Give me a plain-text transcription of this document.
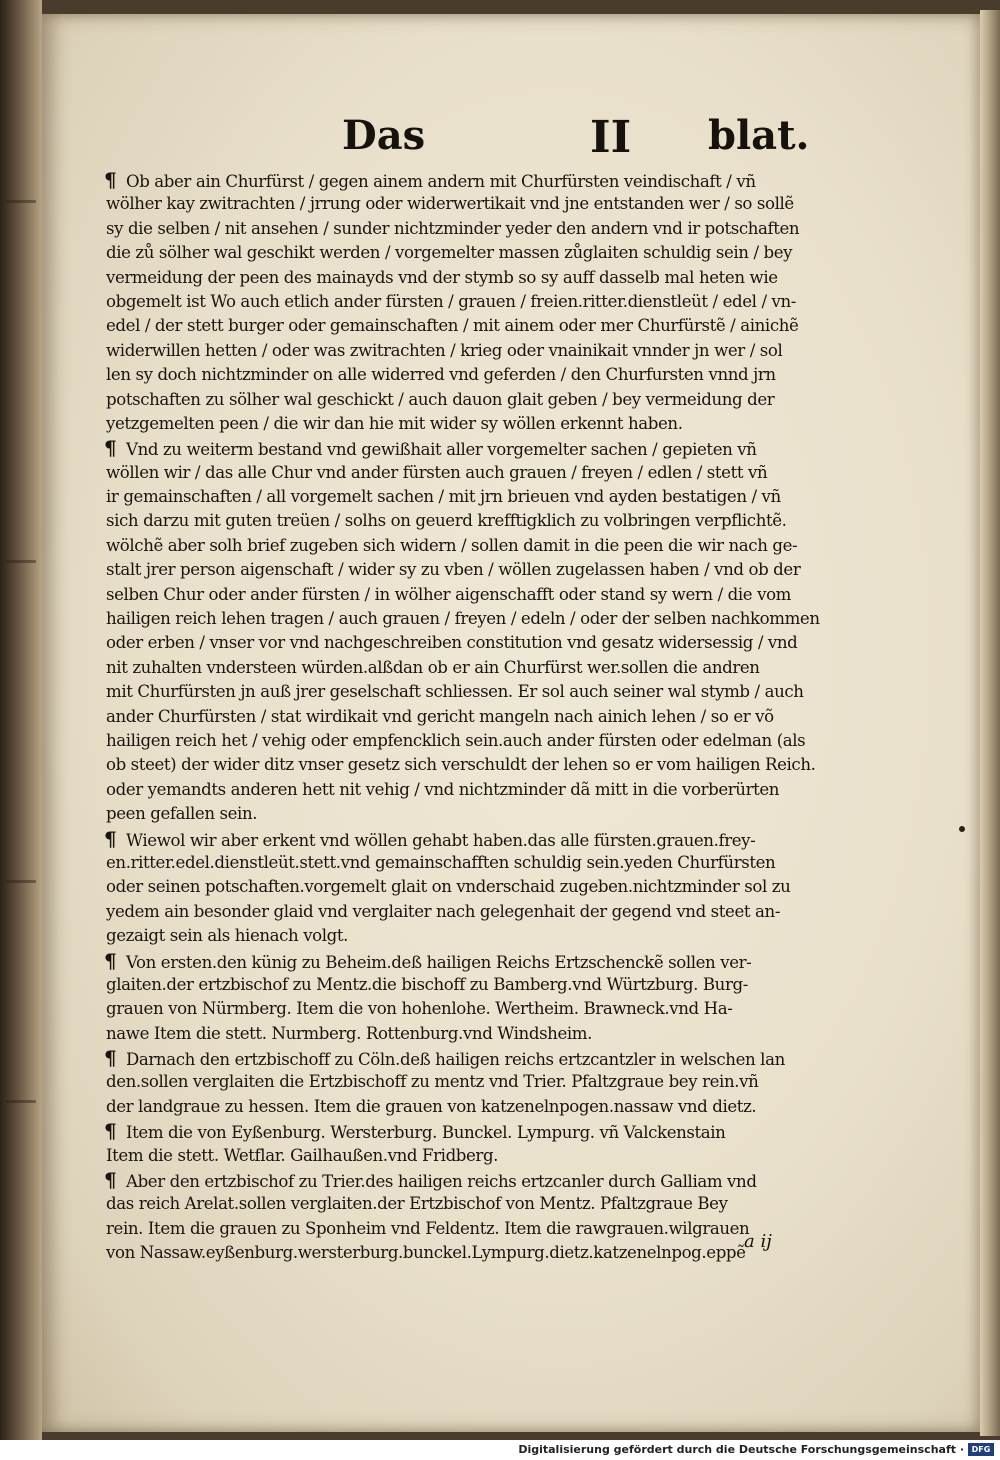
Das	II blat.
¶ Ob aber ain Churfürst / gegen ainem andern mit Churfürsten veindischaft / vñ
wölher kay zwitrachten / jrrung oder widerwertikait vnd jne entstanden wer / so sollẽ
sy die selben / nit ansehen / sunder nichtzminder yeder den andern vnd ir potschaften
die zů sölher wal geschikt werden / vorgemelter massen zůglaiten schuldig sein / bey
vermeidung der peen des mainayds vnd der stymb so sy auff dasselb mal heten wie
obgemelt ist Wo auch etlich ander fürsten / grauen / freien.ritter.dienstleüt / edel / vn‑
edel / der stett burger oder gemainschaften / mit ainem oder mer Churfürstẽ / ainichẽ
widerwillen hetten / oder was zwitrachten / krieg oder vnainikait vnnder jn wer / sol
len sy doch nichtzminder on alle widerred vnd geferden / den Churfursten vnnd jrn
potschaften zu sölher wal geschickt / auch dauon glait geben / bey vermeidung der
yetzgemelten peen / die wir dan hie mit wider sy wöllen erkennt haben.
¶ Vnd zu weiterm bestand vnd gewißhait aller vorgemelter sachen / gepieten vñ
wöllen wir / das alle Chur vnd ander fürsten auch grauen / freyen / edlen / stett vñ
ir gemainschaften / all vorgemelt sachen / mit jrn brieuen vnd ayden bestatigen / vñ
sich darzu mit guten treüen / solhs on geuerd krefftigklich zu volbringen verpflichtẽ.
wölchẽ aber solh brief zugeben sich widern / sollen damit in die peen die wir nach ge‑
stalt jrer person aigenschaft / wider sy zu vben / wöllen zugelassen haben / vnd ob der
selben Chur oder ander fürsten / in wölher aigenschafft oder stand sy wern / die vom
hailigen reich lehen tragen / auch grauen / freyen / edeln / oder der selben nachkommen
oder erben / vnser vor vnd nachgeschreiben constitution vnd gesatz widersessig / vnd
nit zuhalten vndersteen würden.alßdan ob er ain Churfürst wer.sollen die andren
mit Churfürsten jn auß jrer geselschaft schliessen. Er sol auch seiner wal stymb / auch
ander Churfürsten / stat wirdikait vnd gericht mangeln nach ainich lehen / so er võ
hailigen reich het / vehig oder empfencklich sein.auch ander fürsten oder edelman (als
ob steet) der wider ditz vnser gesetz sich verschuldt der lehen so er vom hailigen Reich.
oder yemandts anderen hett nit vehig / vnd nichtzminder dã mitt in die vorberürten
peen gefallen sein.
¶ Wiewol wir aber erkent vnd wöllen gehabt haben.das alle fürsten.grauen.frey‑
en.ritter.edel.dienstleüt.stett.vnd gemainschafften schuldig sein.yeden Churfürsten
oder seinen potschaften.vorgemelt glait on vnderschaid zugeben.nichtzminder sol zu
yedem ain besonder glaid vnd verglaiter nach gelegenhait der gegend vnd steet an‑
gezaigt sein als hienach volgt.
¶ Von ersten.den künig zu Beheim.deß hailigen Reichs Ertzschenckẽ sollen ver‑
glaiten.der ertzbischof zu Mentz.die bischoff zu Bamberg.vnd Würtzburg. Burg‑
grauen von Nürmberg. Item die von hohenlohe. Wertheim. Brawneck.vnd Ha‑
nawe Item die stett. Nurmberg. Rottenburg.vnd Windsheim.
¶ Darnach den ertzbischoff zu Cöln.deß hailigen reichs ertzcantzler in welschen lan
den.sollen verglaiten die Ertzbischoff zu mentz vnd Trier. Pfaltzgraue bey rein.vñ
der landgraue zu hessen. Item die grauen von katzenelnpogen.nassaw vnd dietz.
¶ Item die von Eyßenburg. Wersterburg. Bunckel. Lympurg. vñ Valckenstain
Item die stett. Wetflar. Gailhaußen.vnd Fridberg.
¶ Aber den ertzbischof zu Trier.des hailigen reichs ertzcanler durch Galliam vnd
das reich Arelat.sollen verglaiten.der Ertzbischof von Mentz. Pfaltzgraue Bey
rein. Item die grauen zu Sponheim vnd Feldentz. Item die rawgrauen.wilgrauen
von Nassaw.eyßenburg.wersterburg.bunckel.Lympurg.dietz.katzenelnpog.eppẽ
a ij
Digitalisierung gefördert durch die Deutsche Forschungsgemeinschaft · DFG
